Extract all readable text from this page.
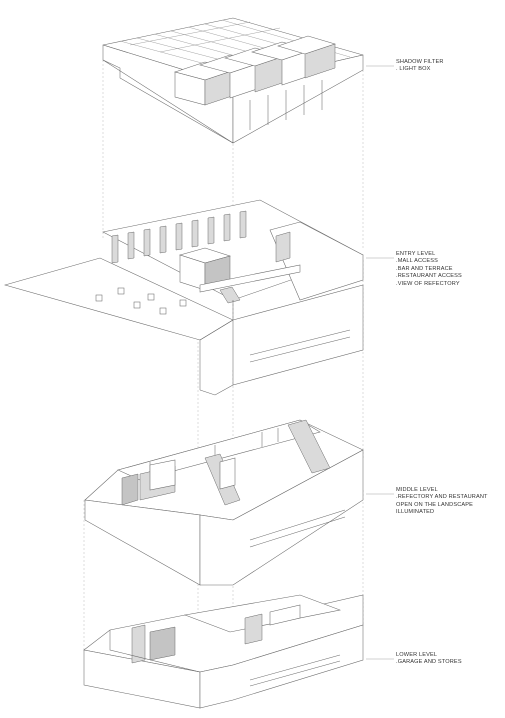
SHADOW FILTER
. LIGHT BOX
ENTRY LEVEL
.MALL ACCESS
.BAR AND TERRACE
.RESTAURANT ACCESS
.VIEW OF REFECTORY
MIDDLE LEVEL
.REFECTORY AND RESTAURANT
OPEN ON THE LANDSCAPE
ILLUMINATED
LOWER LEVEL
.GARAGE AND STORES
